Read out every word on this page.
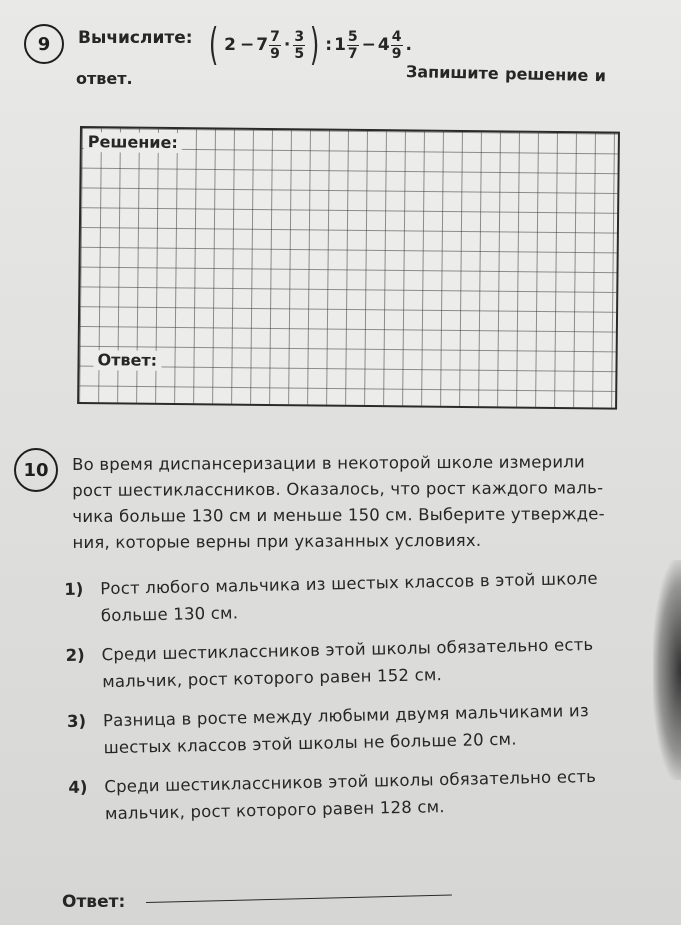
9 Вычислите: ( $2 - 7 \frac{7}{9} \cdot \frac{3}{5}$ ) : $1 \frac{5}{7} - 4 \frac{4}{9}$ .
Запишите решение и
ответ.
Решение:
Ответ:
10 Во время диспансеризации в некоторой школе измерили
рост шестиклассников. Оказалось, что рост каждого маль-
чика больше 130 см и меньше 150 см. Выберите утвержде-
ния, которые верны при указанных условиях.
1)	Рост любого мальчика из шестых классов в этой школе
больше 130 см.
2)	Среди шестиклассников этой школы обязательно есть
мальчик, рост которого равен 152 см.
3)	Разница в росте между любыми двумя мальчиками из
шестых классов этой школы не больше 20 см.
4)	Среди шестиклассников этой школы обязательно есть
мальчик, рост которого равен 128 см.
Ответ:
